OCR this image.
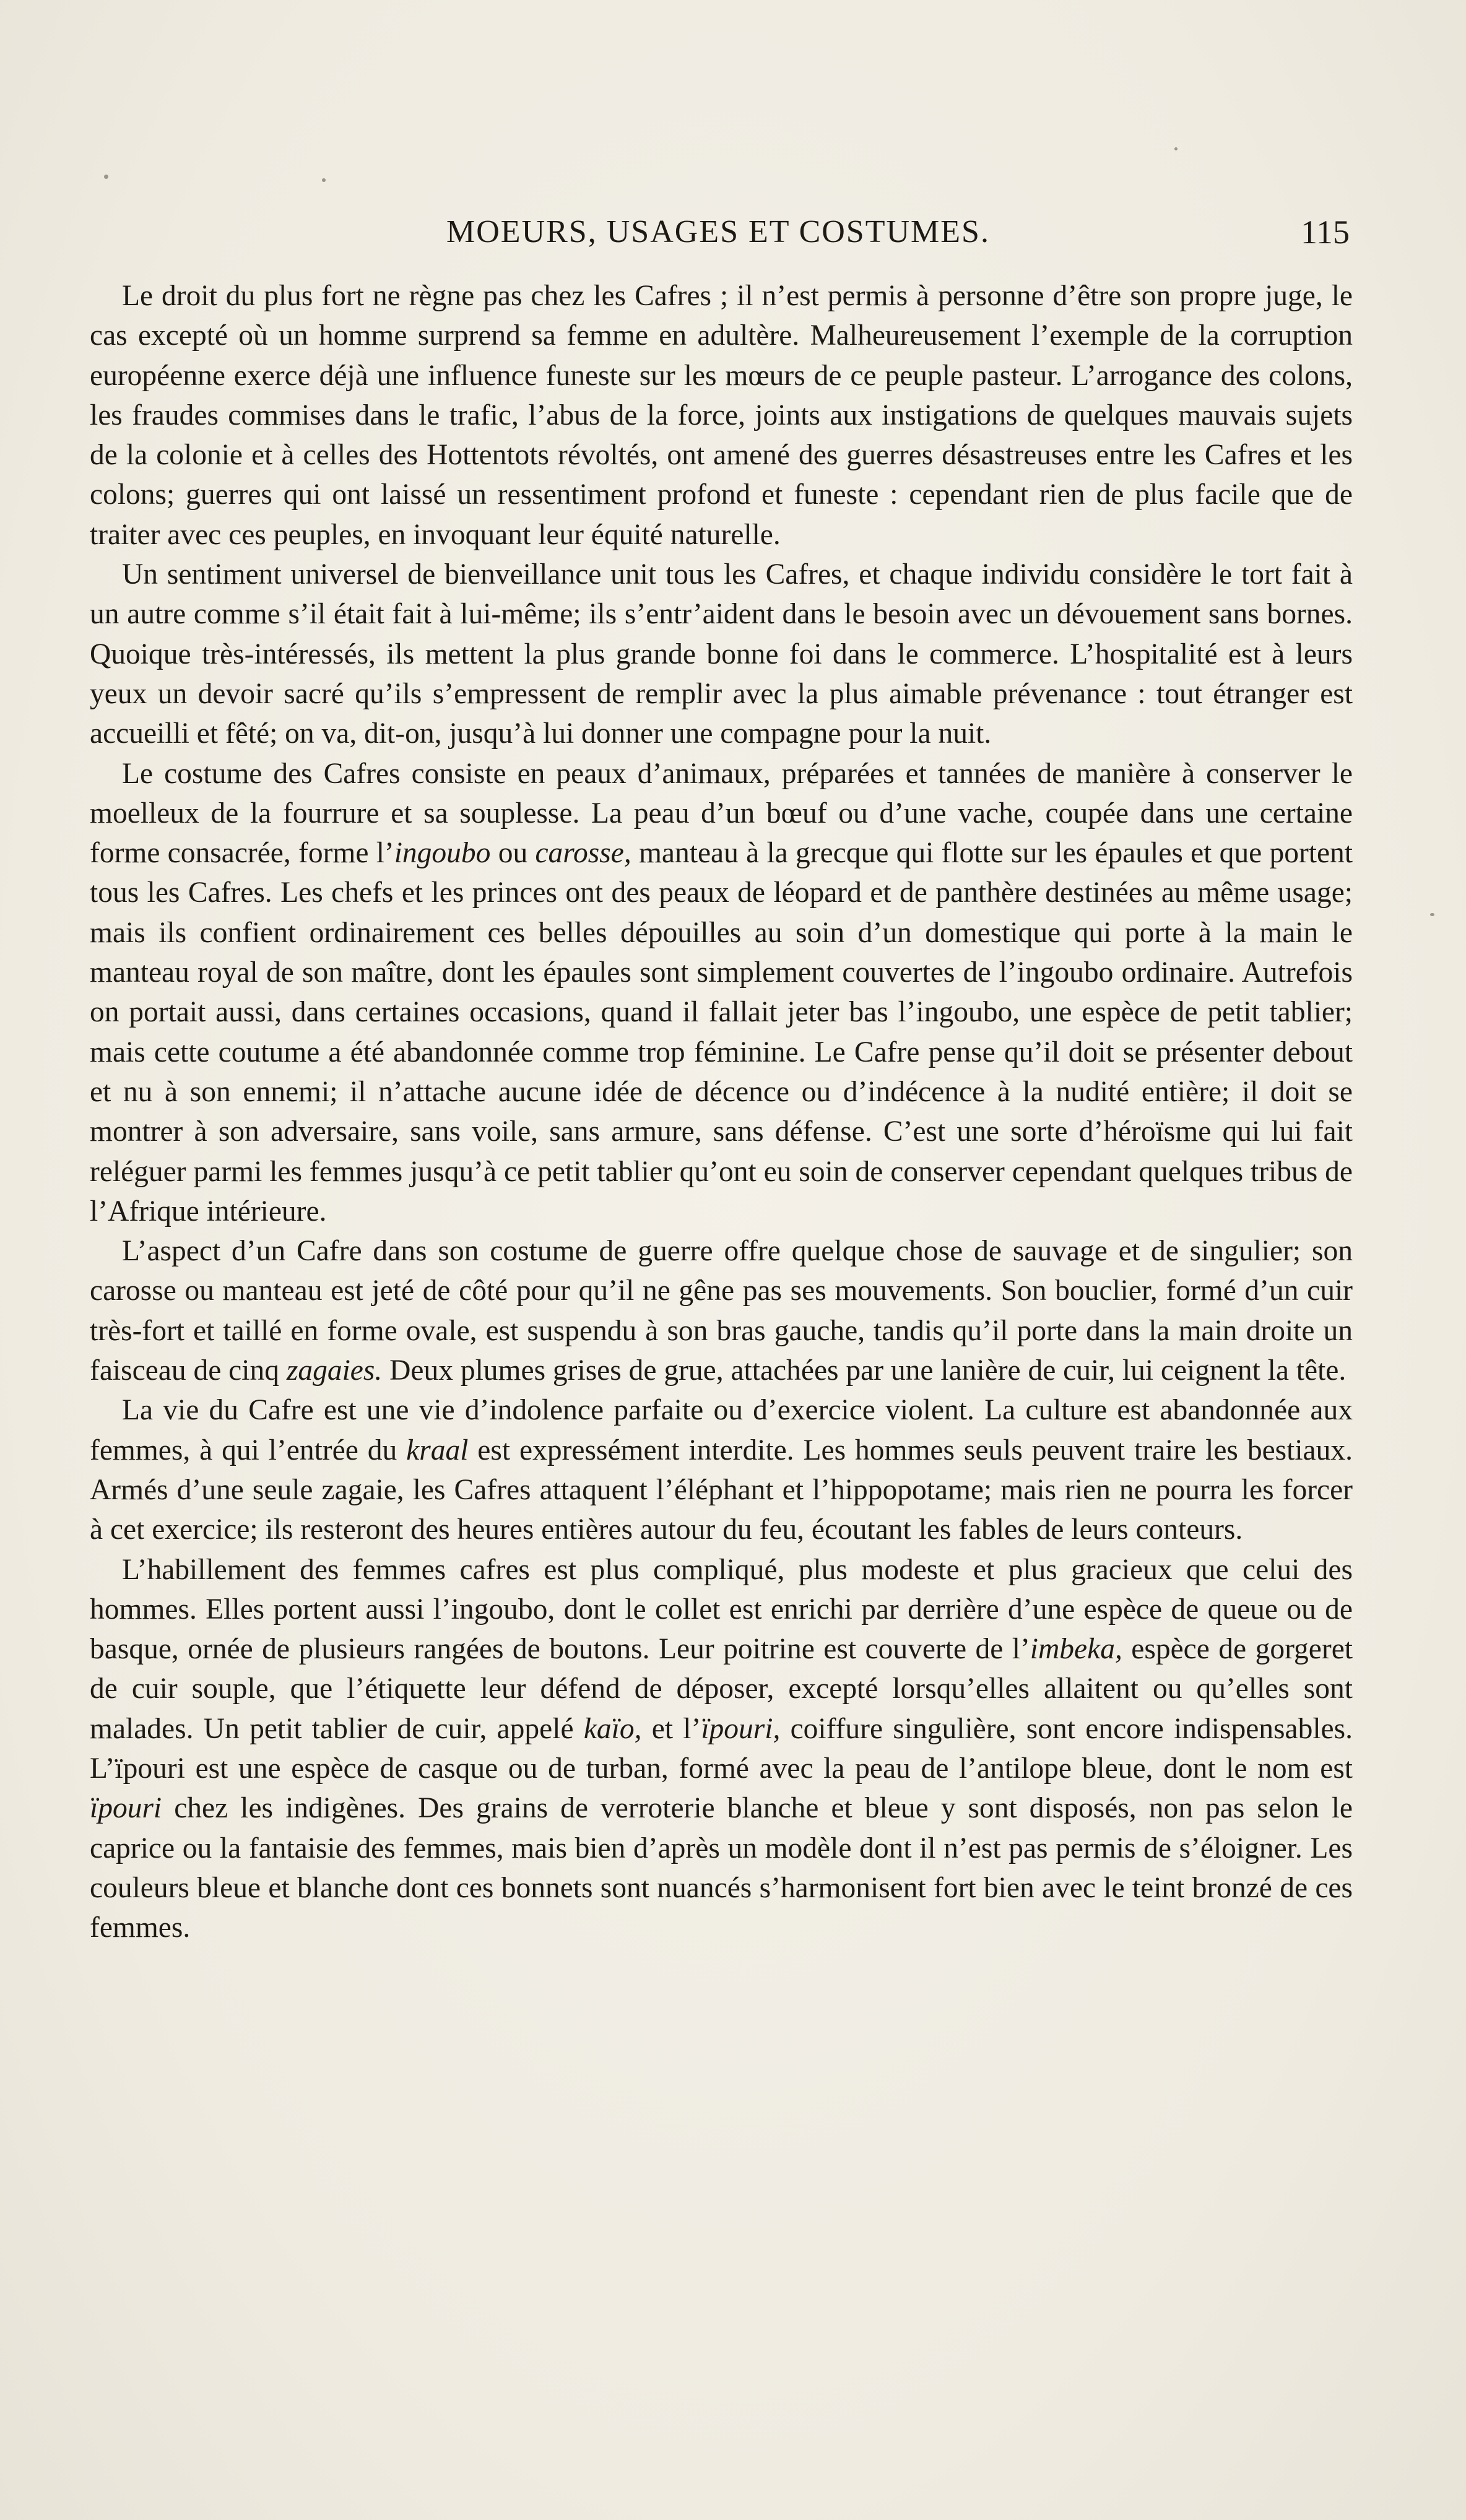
MOEURS, USAGES ET COSTUMES.	115

Le droit du plus fort ne règne pas chez les Cafres ; il n’est permis à personne d’être son propre juge, le cas excepté où un homme surprend sa femme en adultère. Malheureusement l’exemple de la corruption européenne exerce déjà une influence funeste sur les mœurs de ce peuple pasteur. L’arrogance des colons, les fraudes commises dans le trafic, l’abus de la force, joints aux instigations de quelques mauvais sujets de la colonie et à celles des Hottentots révoltés, ont amené des guerres désastreuses entre les Cafres et les colons; guerres qui ont laissé un ressentiment profond et funeste : cependant rien de plus facile que de traiter avec ces peuples, en invoquant leur équité naturelle.

Un sentiment universel de bienveillance unit tous les Cafres, et chaque individu considère le tort fait à un autre comme s’il était fait à lui-même; ils s’entr’aident dans le besoin avec un dévouement sans bornes. Quoique très-intéressés, ils mettent la plus grande bonne foi dans le commerce. L’hospitalité est à leurs yeux un devoir sacré qu’ils s’empressent de remplir avec la plus aimable prévenance : tout étranger est accueilli et fêté; on va, dit-on, jusqu’à lui donner une compagne pour la nuit.

Le costume des Cafres consiste en peaux d’animaux, préparées et tannées de manière à conserver le moelleux de la fourrure et sa souplesse. La peau d’un bœuf ou d’une vache, coupée dans une certaine forme consacrée, forme l’ingoubo ou carosse, manteau à la grecque qui flotte sur les épaules et que portent tous les Cafres. Les chefs et les princes ont des peaux de léopard et de panthère destinées au même usage; mais ils confient ordinairement ces belles dépouilles au soin d’un domestique qui porte à la main le manteau royal de son maître, dont les épaules sont simplement couvertes de l’ingoubo ordinaire. Autrefois on portait aussi, dans certaines occasions, quand il fallait jeter bas l’ingoubo, une espèce de petit tablier; mais cette coutume a été abandonnée comme trop féminine. Le Cafre pense qu’il doit se présenter debout et nu à son ennemi; il n’attache aucune idée de décence ou d’indécence à la nudité entière; il doit se montrer à son adversaire, sans voile, sans armure, sans défense. C’est une sorte d’héroïsme qui lui fait reléguer parmi les femmes jusqu’à ce petit tablier qu’ont eu soin de conserver cependant quelques tribus de l’Afrique intérieure.

L’aspect d’un Cafre dans son costume de guerre offre quelque chose de sauvage et de singulier; son carosse ou manteau est jeté de côté pour qu’il ne gêne pas ses mouvements. Son bouclier, formé d’un cuir très-fort et taillé en forme ovale, est suspendu à son bras gauche, tandis qu’il porte dans la main droite un faisceau de cinq zagaies. Deux plumes grises de grue, attachées par une lanière de cuir, lui ceignent la tête.

La vie du Cafre est une vie d’indolence parfaite ou d’exercice violent. La culture est abandonnée aux femmes, à qui l’entrée du kraal est expressément interdite. Les hommes seuls peuvent traire les bestiaux. Armés d’une seule zagaie, les Cafres attaquent l’éléphant et l’hippopotame; mais rien ne pourra les forcer à cet exercice; ils resteront des heures entières autour du feu, écoutant les fables de leurs conteurs.

L’habillement des femmes cafres est plus compliqué, plus modeste et plus gracieux que celui des hommes. Elles portent aussi l’ingoubo, dont le collet est enrichi par derrière d’une espèce de queue ou de basque, ornée de plusieurs rangées de boutons. Leur poitrine est couverte de l’imbeka, espèce de gorgeret de cuir souple, que l’étiquette leur défend de déposer, excepté lorsqu’elles allaitent ou qu’elles sont malades. Un petit tablier de cuir, appelé kaïo, et l’ïpouri, coiffure singulière, sont encore indispensables. L’ïpouri est une espèce de casque ou de turban, formé avec la peau de l’antilope bleue, dont le nom est ïpouri chez les indigènes. Des grains de verroterie blanche et bleue y sont disposés, non pas selon le caprice ou la fantaisie des femmes, mais bien d’après un modèle dont il n’est pas permis de s’éloigner. Les couleurs bleue et blanche dont ces bonnets sont nuancés s’harmonisent fort bien avec le teint bronzé de ces femmes.
